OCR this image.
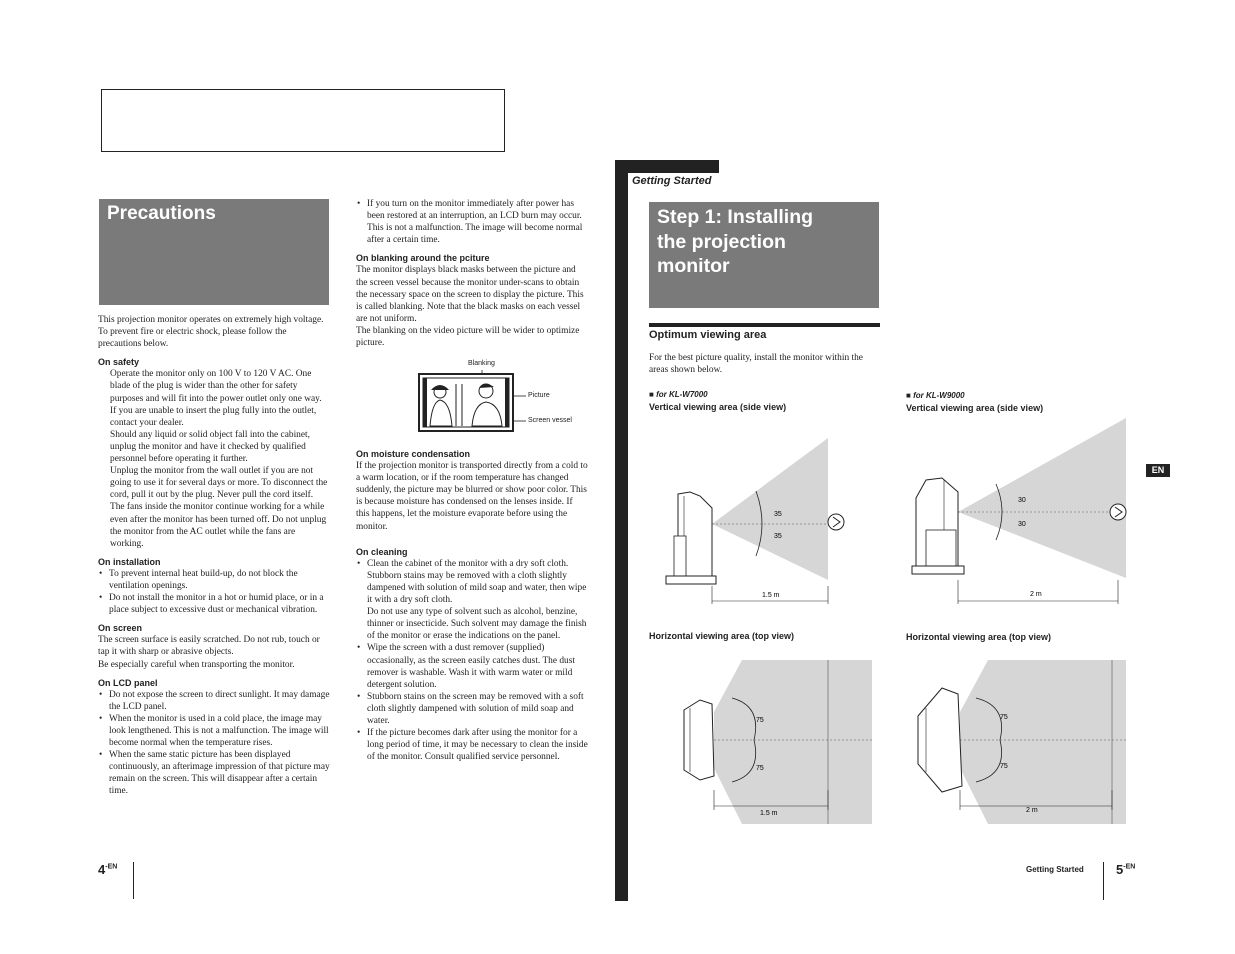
Precautions

This projection monitor operates on extremely high voltage. To prevent fire or electric shock, please follow the precautions below.

On safety

Operate the monitor only on 100 V to 120 V AC. One blade of the plug is wider than the other for safety purposes and will fit into the power outlet only one way. If you are unable to insert the plug fully into the outlet, contact your dealer.

Should any liquid or solid object fall into the cabinet, unplug the monitor and have it checked by qualified personnel before operating it further.

Unplug the monitor from the wall outlet if you are not going to use it for several days or more. To disconnect the cord, pull it out by the plug. Never pull the cord itself.

The fans inside the monitor continue working for a while even after the monitor has been turned off. Do not unplug the monitor from the AC outlet while the fans are working.

On installation
• To prevent internal heat build-up, do not block the ventilation openings.
• Do not install the monitor in a hot or humid place, or in a place subject to excessive dust or mechanical vibration.
On screen

The screen surface is easily scratched. Do not rub, touch or tap it with sharp or abrasive objects.

Be especially careful when transporting the monitor.

On LCD panel
• Do not expose the screen to direct sunlight. It may damage the LCD panel.
• When the monitor is used in a cold place, the image may look lengthened. This is not a malfunction. The image will become normal when the temperature rises.
• When the same static picture has been displayed continuously, an afterimage impression of that picture may remain on the screen. This will disappear after a certain time.
• If you turn on the monitor immediately after power has been restored at an interruption, an LCD burn may occur. This is not a malfunction. The image will become normal after a certain time.
On blanking around the pciture

The monitor displays black masks between the picture and the screen vessel because the monitor under-scans to obtain the necessary space on the screen to display the picture. This is called blanking. Note that the black masks on each vessel are not uniform.

The blanking on the video picture will be wider to optimize picture.

Blanking
Picture
Screen vessel
On moisture condensation

If the projection monitor is transported directly from a cold to a warm location, or if the room temperature has changed suddenly, the picture may be blurred or show poor color. This is because moisture has condensed on the lenses inside. If this happens, let the moisture evaporate before using the monitor.

On cleaning
• Clean the cabinet of the monitor with a dry soft cloth. Stubborn stains may be removed with a cloth slightly dampened with solution of mild soap and water, then wipe it with a dry soft cloth.
Do not use any type of solvent such as alcohol, benzine, thinner or insecticide. Such solvent may damage the finish of the monitor or erase the indications on the panel.
• Wipe the screen with a dust remover (supplied) occasionally, as the screen easily catches dust. The dust remover is washable. Wash it with warm water or mild detergent solution.
• Stubborn stains on the screen may be removed with a soft cloth slightly dampened with solution of mild soap and water.
• If the picture becomes dark after using the monitor for a long period of time, it may be necessary to clean the inside of the monitor. Consult qualified service personnel.
$4^{-EN}$
Getting Started
Step 1: Installing
the projection
monitor
Optimum viewing area
For the best picture quality, install the monitor within the areas shown below.
EN
■ for KL-W7000
Vertical viewing area (side view)
Horizontal viewing area (top view)
■ for KL-W9000
Vertical viewing area (side view)
Horizontal viewing area (top view)
35
35
1.5 m
30
30
2 m
75
75
1.5 m
75
75
2 m
Getting Started $5^{-EN}$
